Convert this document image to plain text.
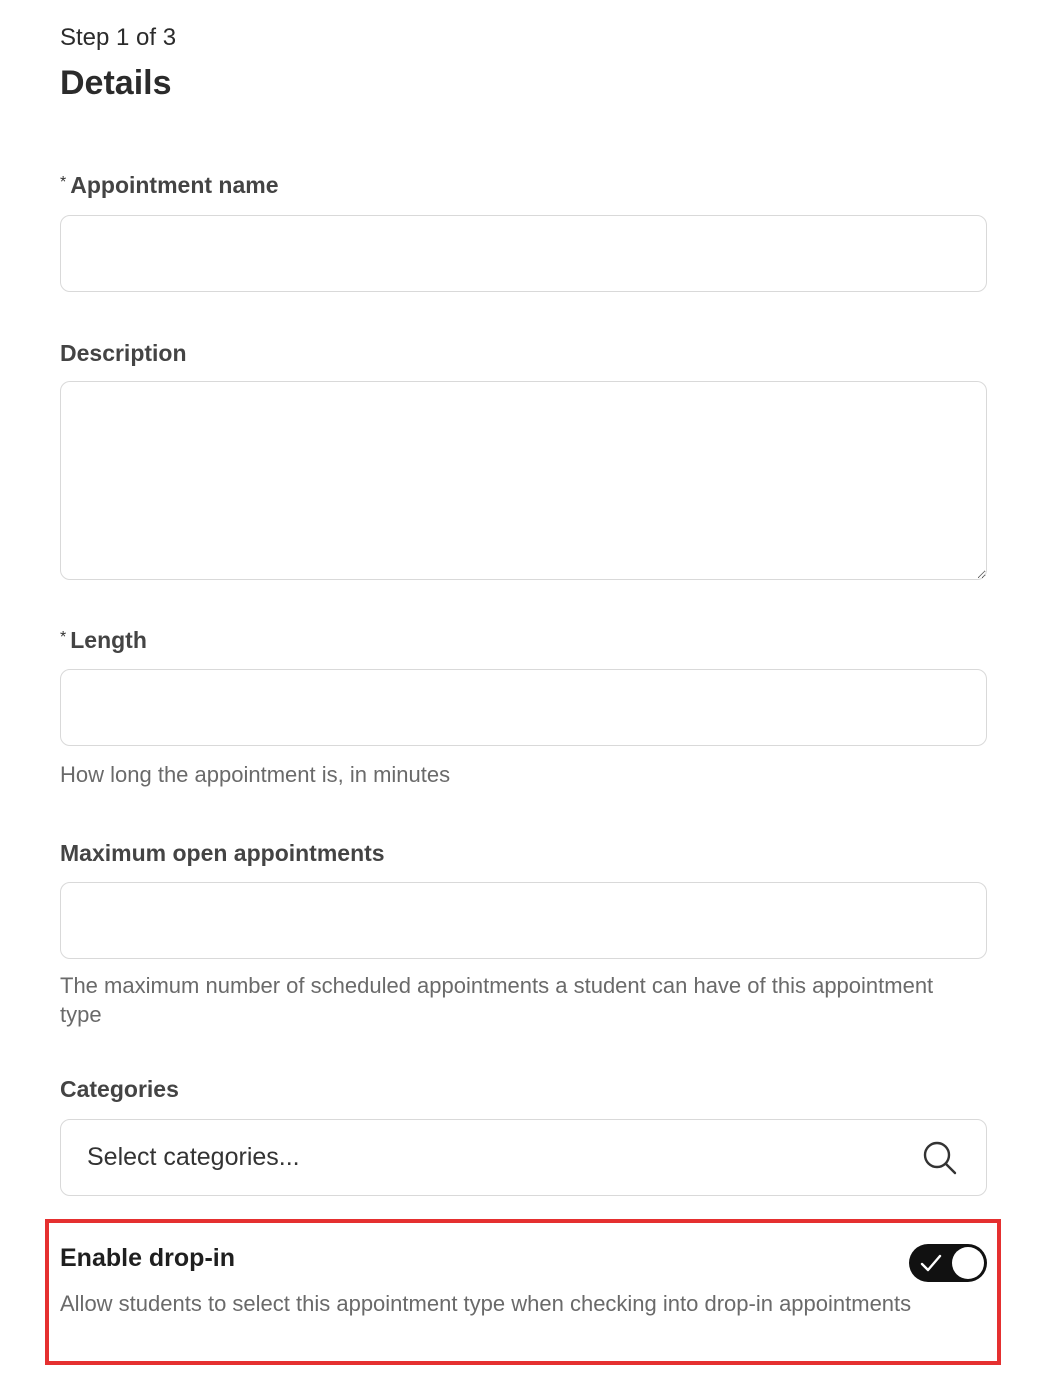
Step 1 of 3
Details
* Appointment name
Description
* Length
How long the appointment is, in minutes
Maximum open appointments
The maximum number of scheduled appointments a student can have of this appointment type
Categories
Select categories...
Enable drop-in
Allow students to select this appointment type when checking into drop-in appointments
